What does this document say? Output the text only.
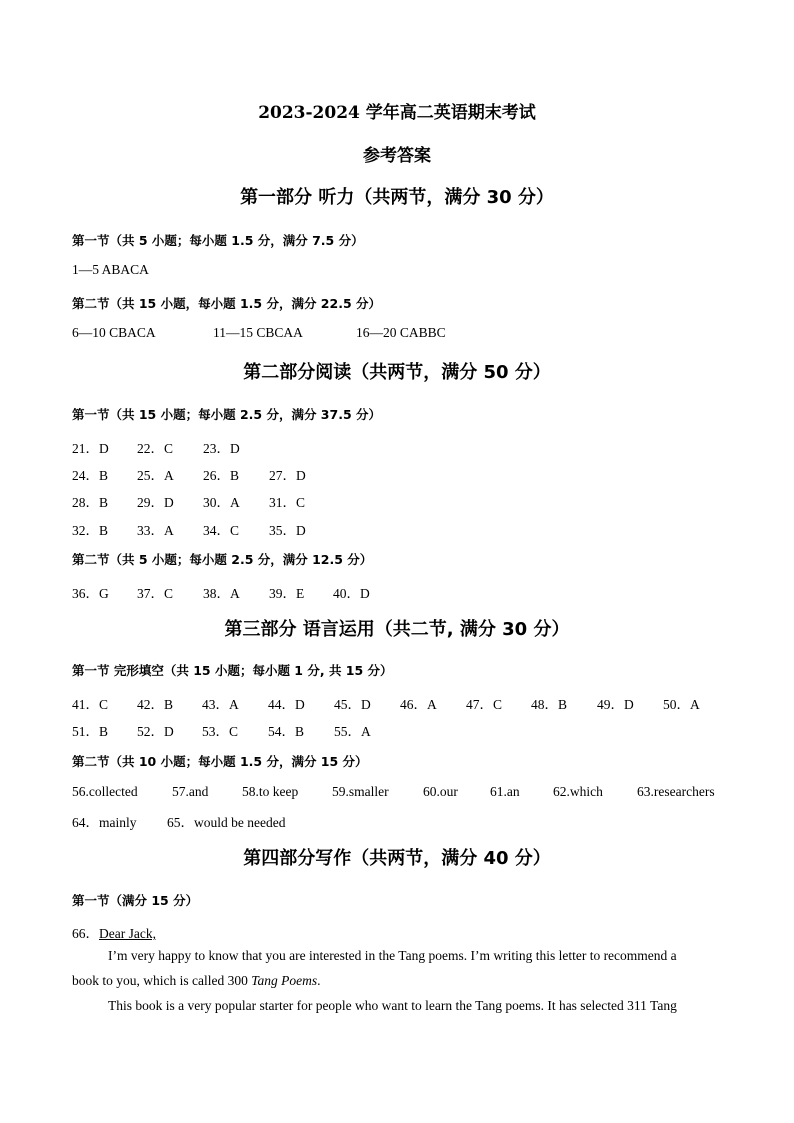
2023-2024 学年高二英语期末考试
参考答案
第一部分 听力（共两节，满分 30 分）
第一节（共 5 小题；每小题 1.5 分，满分 7.5 分）
1—5 ABACA
第二节（共 15 小题，每小题 1.5 分，满分 22.5 分）
6—10 CBACA	11—15 CBCAA	16—20 CABBC
第二部分阅读（共两节，满分 50 分）
第一节（共 15 小题；每小题 2.5 分，满分 37.5 分）
21．D 22．C 23．D
24．B 25．A 26．B 27．D
28．B 29．D 30．A 31．C
32．B 33．A 34．C 35．D
第二节（共 5 小题；每小题 2.5 分，满分 12.5 分）
36．G 37．C 38．A 39．E 40．D
第三部分 语言运用（共二节, 满分 30 分）
第一节 完形填空（共 15 小题；每小题 1 分, 共 15 分）
41．C 42．B 43．A 44．D 45．D 46．A 47．C 48．B 49．D 50．A
51．B 52．D 53．C 54．B 55．A
第二节（共 10 小题；每小题 1.5 分，满分 15 分）
56.collected	57.and 58.to keep	59.smaller	60.our 61.an 62.which	63.researchers
64．mainly 65．would be needed
第四部分写作（共两节，满分 40 分）
第一节（满分 15 分）
66．Dear Jack,
I’m very happy to know that you are interested in the Tang poems. I’m writing this letter to recommend a
book to you, which is called 300 Tang Poems.
This book is a very popular starter for people who want to learn the Tang poems. It has selected 311 Tang
